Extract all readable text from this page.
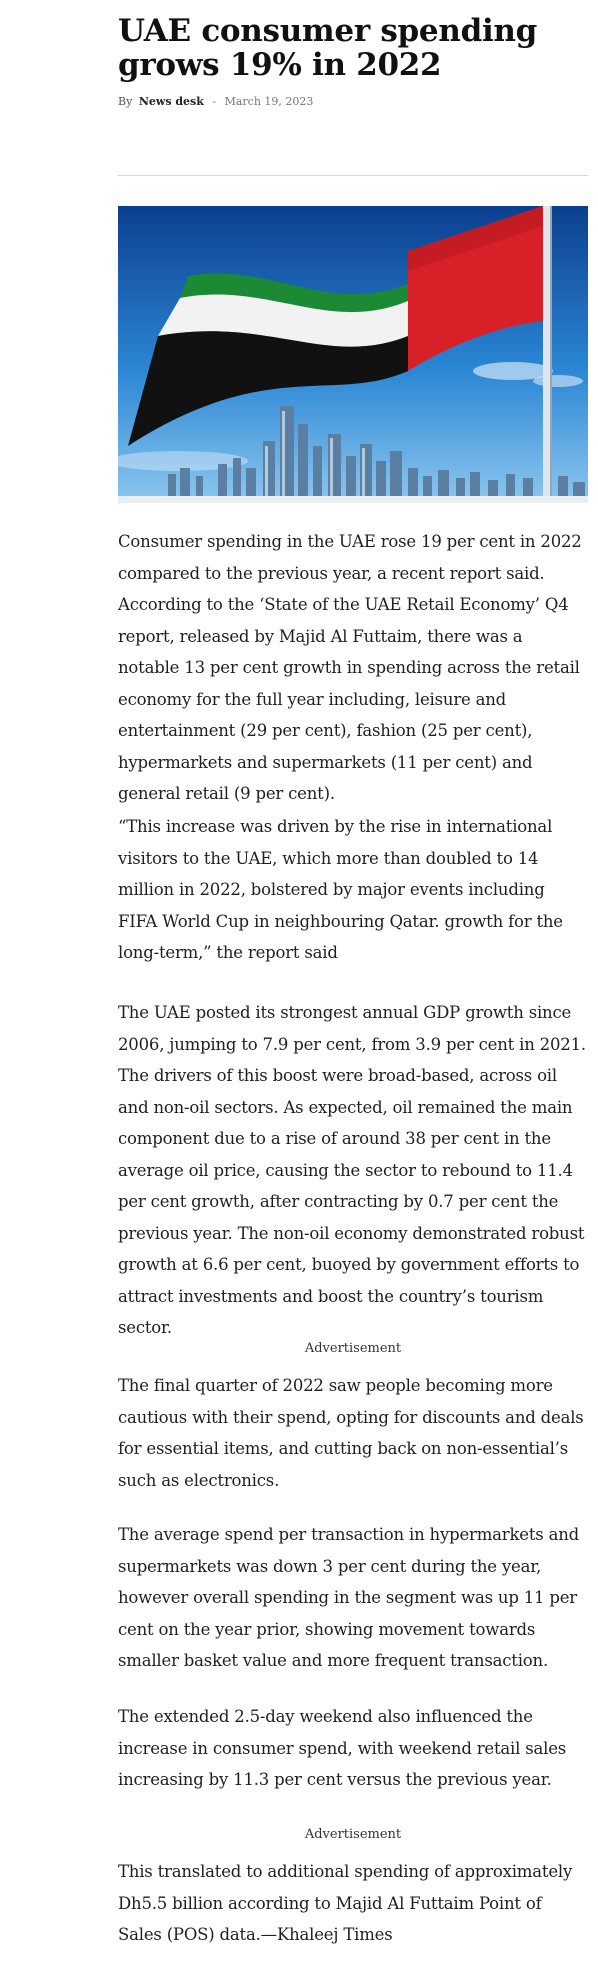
UAE consumer spending grows 19% in 2022
By News desk - March 19, 2023

Consumer spending in the UAE rose 19 per cent in 2022 compared to the previous year, a recent report said. According to the ‘State of the UAE Retail Economy’ Q4 report, released by Majid Al Futtaim, there was a notable 13 per cent growth in spending across the retail economy for the full year including, leisure and entertainment (29 per cent), fashion (25 per cent), hypermarkets and supermarkets (11 per cent) and general retail (9 per cent).

“This increase was driven by the rise in international visitors to the UAE, which more than doubled to 14 million in 2022, bolstered by major events including FIFA World Cup in neighbouring Qatar. growth for the long-term,” the report said

The UAE posted its strongest annual GDP growth since 2006, jumping to 7.9 per cent, from 3.9 per cent in 2021. The drivers of this boost were broad-based, across oil and non-oil sectors. As expected, oil remained the main component due to a rise of around 38 per cent in the average oil price, causing the sector to rebound to 11.4 per cent growth, after contracting by 0.7 per cent the previous year. The non-oil economy demonstrated robust growth at 6.6 per cent, buoyed by government efforts to attract investments and boost the country’s tourism sector.

Advertisement

The final quarter of 2022 saw people becoming more cautious with their spend, opting for discounts and deals for essential items, and cutting back on non-essential’s such as electronics.

The average spend per transaction in hypermarkets and supermarkets was down 3 per cent during the year, however overall spending in the segment was up 11 per cent on the year prior, showing movement towards smaller basket value and more frequent transaction.

The extended 2.5-day weekend also influenced the increase in consumer spend, with weekend retail sales increasing by 11.3 per cent versus the previous year.

Advertisement

This translated to additional spending of approximately Dh5.5 billion according to Majid Al Futtaim Point of Sales (POS) data.—Khaleej Times
